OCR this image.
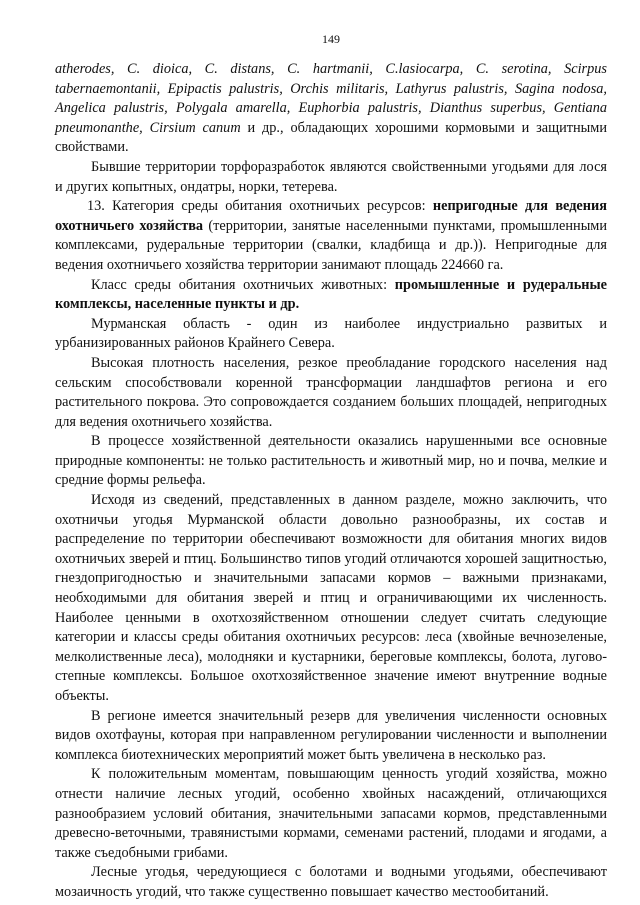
149

atherodes, C. dioica, C. distans, C. hartmanii, C.lasiocarpa, C. serotina, Scirpus tabernaemontanii, Epipactis palustris, Orchis militaris, Lathyrus palustris, Sagina nodosa, Angelica palustris, Polygala amarella, Euphorbia palustris, Dianthus superbus, Gentiana pneumonanthe, Cirsium canum и др., обладающих хорошими кормовыми и защитными свойствами.

Бывшие территории торфоразработок являются свойственными угодьями для лося и других копытных, ондатры, норки, тетерева.

13. Категория среды обитания охотничьих ресурсов: непригодные для ведения охотничьего хозяйства (территории, занятые населенными пунктами, промышленными комплексами, рудеральные территории (свалки, кладбища и др.)). Непригодные для ведения охотничьего хозяйства территории занимают площадь 224660 га.

Класс среды обитания охотничьих животных: промышленные и рудеральные комплексы, населенные пункты и др.

Мурманская область - один из наиболее индустриально развитых и урбанизированных районов Крайнего Севера.

Высокая плотность населения, резкое преобладание городского населения над сельским способствовали коренной трансформации ландшафтов региона и его растительного покрова. Это сопровождается созданием больших площадей, непригодных для ведения охотничьего хозяйства.

В процессе хозяйственной деятельности оказались нарушенными все основные природные компоненты: не только растительность и животный мир, но и почва, мелкие и средние формы рельефа.

Исходя из сведений, представленных в данном разделе, можно заключить, что охотничьи угодья Мурманской области довольно разнообразны, их состав и распределение по территории обеспечивают возможности для обитания многих видов охотничьих зверей и птиц. Большинство типов угодий отличаются хорошей защитностью, гнездопригодностью и значительными запасами кормов – важными признаками, необходимыми для обитания зверей и птиц и ограничивающими их численность. Наиболее ценными в охотхозяйственном отношении следует считать следующие категории и классы среды обитания охотничьих ресурсов: леса (хвойные вечнозеленые, мелколиственные леса), молодняки и кустарники, береговые комплексы, болота, лугово-степные комплексы. Большое охотхозяйственное значение имеют внутренние водные объекты.

В регионе имеется значительный резерв для увеличения численности основных видов охотфауны, которая при направленном регулировании численности и выполнении комплекса биотехнических мероприятий может быть увеличена в несколько раз.

К положительным моментам, повышающим ценность угодий хозяйства, можно отнести наличие лесных угодий, особенно хвойных насаждений, отличающихся разнообразием условий обитания, значительными запасами кормов, представленными древесно-веточными, травянистыми кормами, семенами растений, плодами и ягодами, а также съедобными грибами.

Лесные угодья, чередующиеся с болотами и водными угодьями, обеспечивают мозаичность угодий, что также существенно повышает качество местообитаний.
